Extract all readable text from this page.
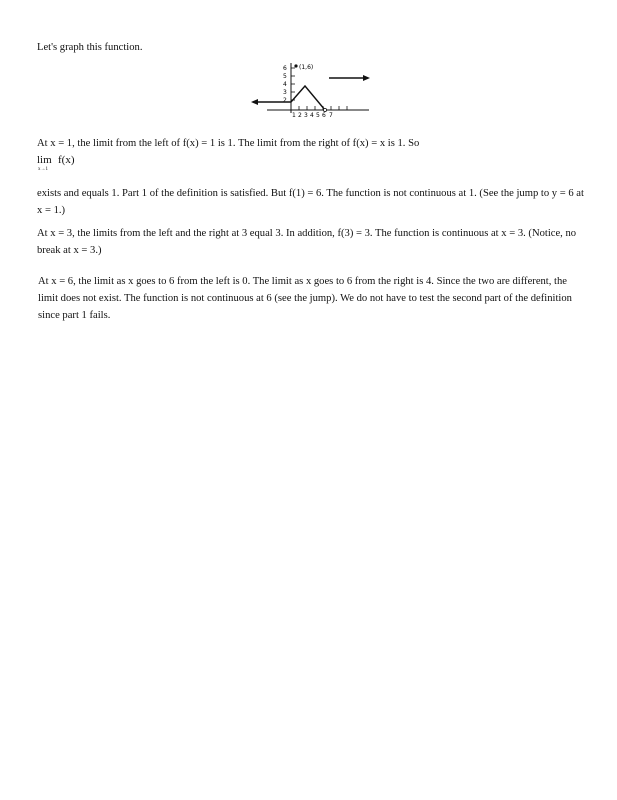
Let's graph this function.

6
5
4
3
2
1 2 3 4 5 6 7
(1,6)

At x = 1, the limit from the left of f(x) = 1 is 1. The limit from the right of f(x) = x is 1. So

lim f(x)
x→1

exists and equals 1. Part 1 of the definition is satisfied. But f(1) = 6. The function is not continuous at 1. (See the jump to y = 6 at x = 1.)

At x = 3, the limits from the left and the right at 3 equal 3. In addition, f(3) = 3. The function is continuous at x = 3. (Notice, no break at x = 3.)

At x = 6, the limit as x goes to 6 from the left is 0. The limit as x goes to 6 from the right is 4. Since the two are different, the limit does not exist. The function is not continuous at 6 (see the jump). We do not have to test the second part of the definition since part 1 fails.
